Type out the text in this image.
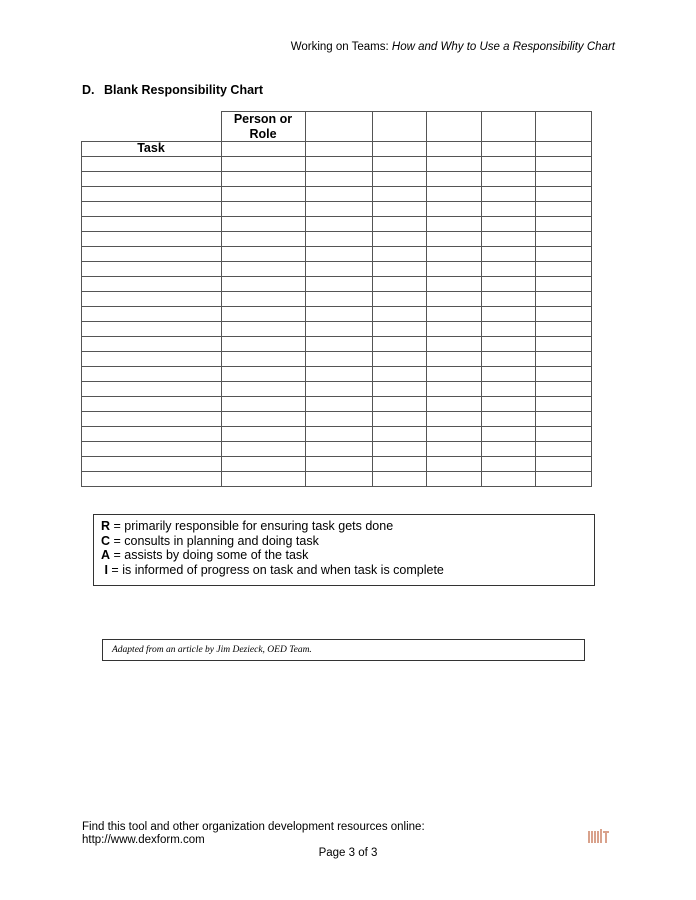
Working on Teams: How and Why to Use a Responsibility Chart
D. Blank Responsibility Chart
Person or
Role
Task
R = primarily responsible for ensuring task gets done
C = consults in planning and doing task
A = assists by doing some of the task
I = is informed of progress on task and when task is complete
Adapted from an article by Jim Dezieck, OED Team.
Find this tool and other organization development resources online:
http://www.dexform.com
Page 3 of 3
